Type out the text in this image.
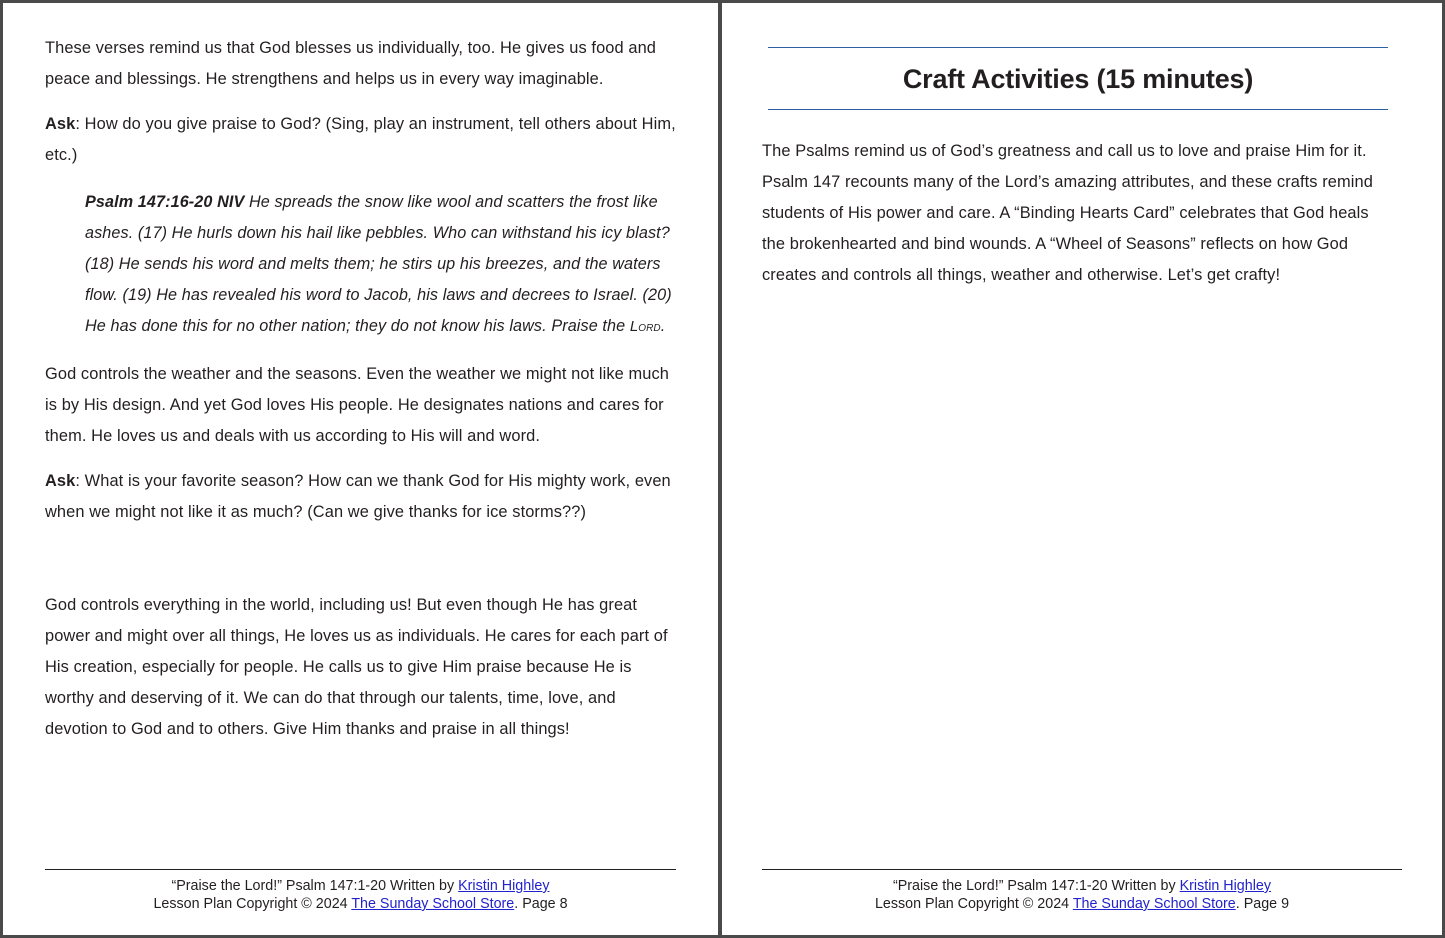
These verses remind us that God blesses us individually, too. He gives us food and peace and blessings. He strengthens and helps us in every way imaginable.

Ask: How do you give praise to God? (Sing, play an instrument, tell others about Him, etc.)

Psalm 147:16-20 NIV He spreads the snow like wool and scatters the frost like ashes. (17) He hurls down his hail like pebbles. Who can withstand his icy blast? (18) He sends his word and melts them; he stirs up his breezes, and the waters flow. (19) He has revealed his word to Jacob, his laws and decrees to Israel. (20) He has done this for no other nation; they do not know his laws. Praise the Lord.

God controls the weather and the seasons. Even the weather we might not like much is by His design. And yet God loves His people. He designates nations and cares for them. He loves us and deals with us according to His will and word.

Ask: What is your favorite season? How can we thank God for His mighty work, even when we might not like it as much? (Can we give thanks for ice storms??)

God controls everything in the world, including us! But even though He has great power and might over all things, He loves us as individuals. He cares for each part of His creation, especially for people. He calls us to give Him praise because He is worthy and deserving of it. We can do that through our talents, time, love, and devotion to God and to others. Give Him thanks and praise in all things!

“Praise the Lord!” Psalm 147:1-20 Written by Kristin Highley
Lesson Plan Copyright © 2024 The Sunday School Store. Page 8
Craft Activities (15 minutes)

The Psalms remind us of God’s greatness and call us to love and praise Him for it. Psalm 147 recounts many of the Lord’s amazing attributes, and these crafts remind students of His power and care. A “Binding Hearts Card” celebrates that God heals the brokenhearted and bind wounds. A “Wheel of Seasons” reflects on how God creates and controls all things, weather and otherwise. Let’s get crafty!

“Praise the Lord!” Psalm 147:1-20 Written by Kristin Highley
Lesson Plan Copyright © 2024 The Sunday School Store. Page 9
